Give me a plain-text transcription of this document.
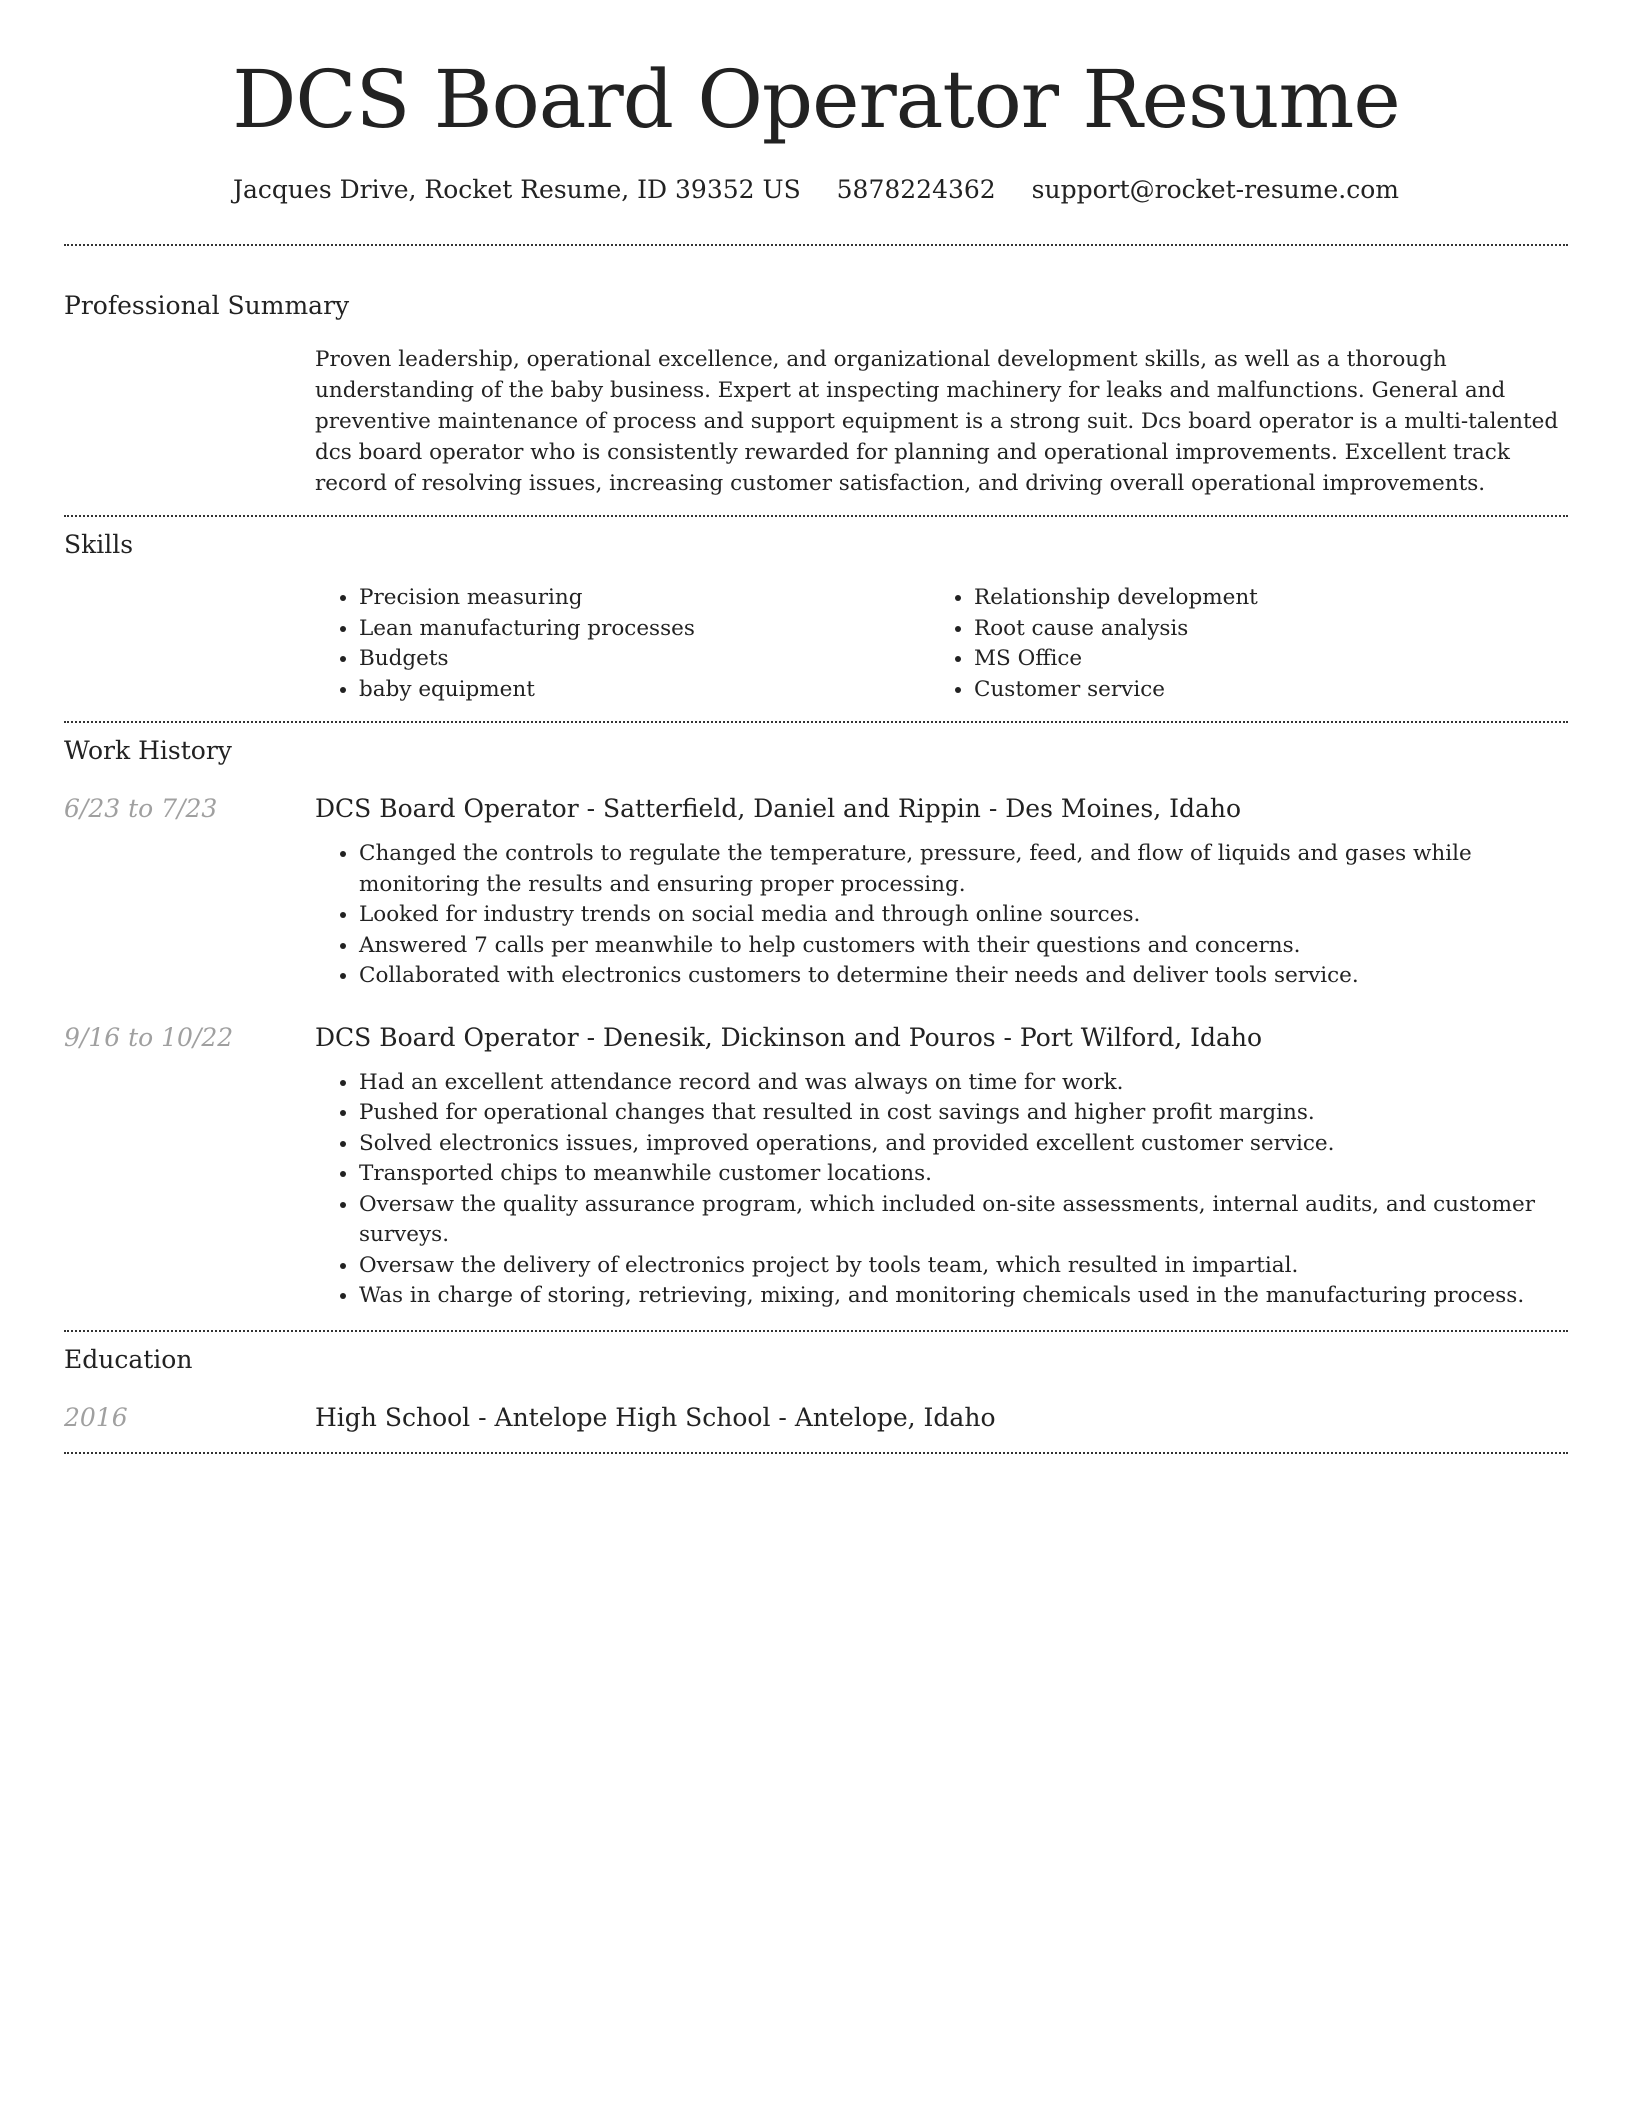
DCS Board Operator Resume
Jacques Drive, Rocket Resume, ID 39352 US 5878224362 support@rocket-resume.com
Professional Summary

Proven leadership, operational excellence, and organizational development skills, as well as a thorough understanding of the baby business. Expert at inspecting machinery for leaks and malfunctions. General and preventive maintenance of process and support equipment is a strong suit. Dcs board operator is a multi-talented dcs board operator who is consistently rewarded for planning and operational improvements. Excellent track record of resolving issues, increasing customer satisfaction, and driving overall operational improvements.

Skills
• Precision measuring
• Lean manufacturing processes
• Budgets
• baby equipment
• Relationship development
• Root cause analysis
• MS Office
• Customer service
Work History
6/23 to 7/23	DCS Board Operator - Satterfield, Daniel and Rippin - Des Moines, Idaho
• Changed the controls to regulate the temperature, pressure, feed, and flow of liquids and gases while monitoring the results and ensuring proper processing.
• Looked for industry trends on social media and through online sources.
• Answered 7 calls per meanwhile to help customers with their questions and concerns.
• Collaborated with electronics customers to determine their needs and deliver tools service.
9/16 to 10/22	DCS Board Operator - Denesik, Dickinson and Pouros - Port Wilford, Idaho
• Had an excellent attendance record and was always on time for work.
• Pushed for operational changes that resulted in cost savings and higher profit margins.
• Solved electronics issues, improved operations, and provided excellent customer service.
• Transported chips to meanwhile customer locations.
• Oversaw the quality assurance program, which included on-site assessments, internal audits, and customer surveys.
• Oversaw the delivery of electronics project by tools team, which resulted in impartial.
• Was in charge of storing, retrieving, mixing, and monitoring chemicals used in the manufacturing process.
Education
2016	High School - Antelope High School - Antelope, Idaho
